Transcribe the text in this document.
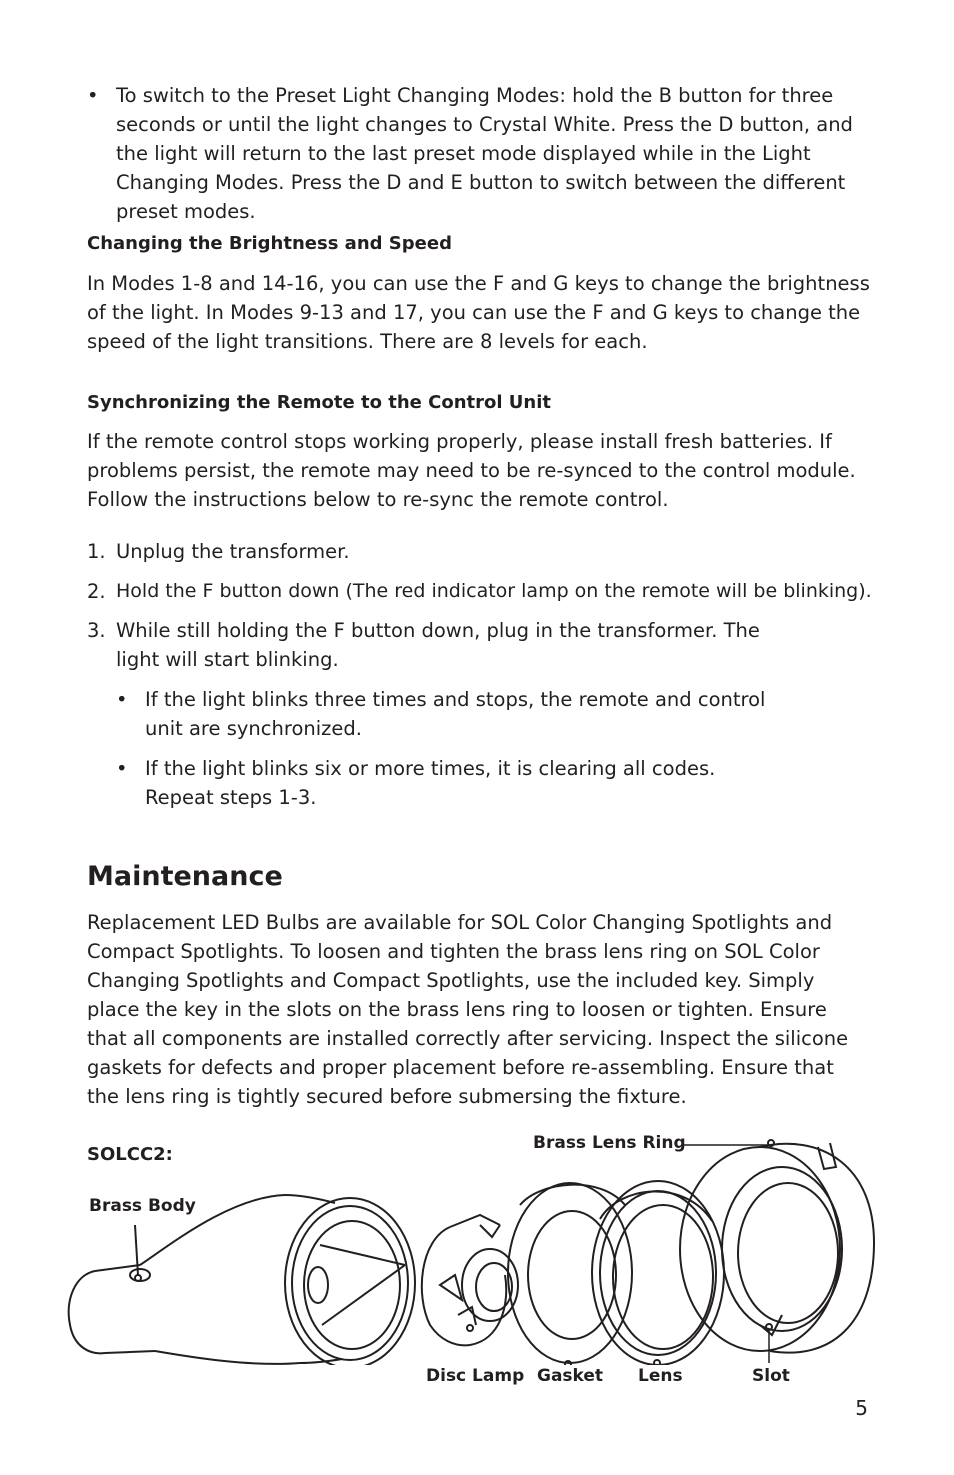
• To switch to the Preset Light Changing Modes: hold the B button for three seconds or until the light changes to Crystal White. Press the D button, and the light will return to the last preset mode displayed while in the Light Changing Modes. Press the D and E button to switch between the different preset modes.
Changing the Brightness and Speed

In Modes 1-8 and 14-16, you can use the F and G keys to change the brightness of the light. In Modes 9-13 and 17, you can use the F and G keys to change the speed of the light transitions. There are 8 levels for each.

Synchronizing the Remote to the Control Unit

If the remote control stops working properly, please install fresh batteries. If problems persist, the remote may need to be re-synced to the control module. Follow the instructions below to re-sync the remote control.

1. Unplug the transformer.
2. Hold the F button down (The red indicator lamp on the remote will be blinking).
3. While still holding the F button down, plug in the transformer. The light will start blinking.
• If the light blinks three times and stops, the remote and control unit are synchronized.
• If the light blinks six or more times, it is clearing all codes. Repeat steps 1-3.
Maintenance

Replacement LED Bulbs are available for SOL Color Changing Spotlights and Compact Spotlights. To loosen and tighten the brass lens ring on SOL Color Changing Spotlights and Compact Spotlights, use the included key. Simply place the key in the slots on the brass lens ring to loosen or tighten. Ensure that all components are installed correctly after servicing. Inspect the silicone gaskets for defects and proper placement before re-assembling. Ensure that the lens ring is tightly secured before submersing the fixture.

SOLCC2:
Brass Lens Ring
Brass Body
Disc Lamp Gasket Lens	Slot
5
